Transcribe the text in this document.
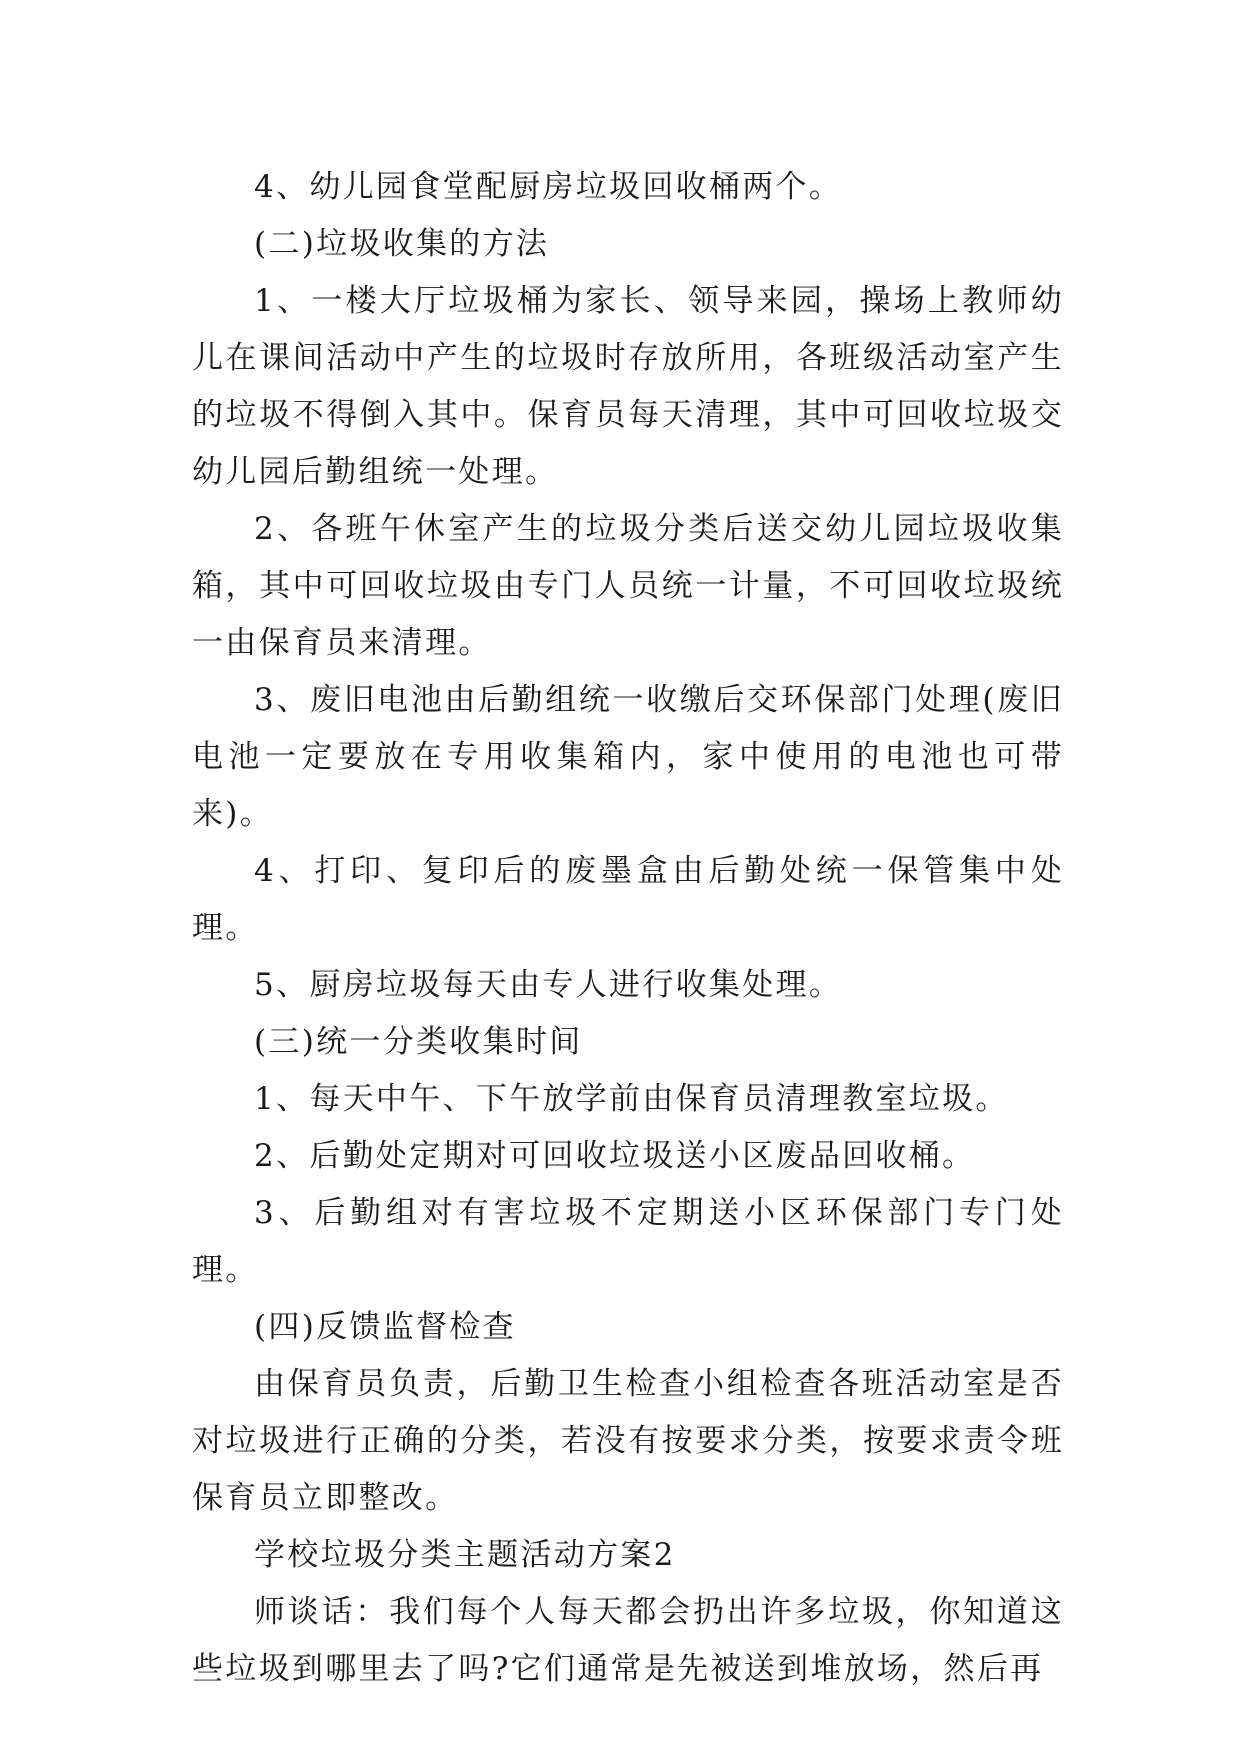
4、幼儿园食堂配厨房垃圾回收桶两个。

(二)垃圾收集的方法

1、一楼大厅垃圾桶为家长、领导来园，操场上教师幼儿在课间活动中产生的垃圾时存放所用，各班级活动室产生的垃圾不得倒入其中。保育员每天清理，其中可回收垃圾交幼儿园后勤组统一处理。

2、各班午休室产生的垃圾分类后送交幼儿园垃圾收集箱，其中可回收垃圾由专门人员统一计量，不可回收垃圾统一由保育员来清理。

3、废旧电池由后勤组统一收缴后交环保部门处理(废旧电池一定要放在专用收集箱内，家中使用的电池也可带来)。

4、打印、复印后的废墨盒由后勤处统一保管集中处理。

5、厨房垃圾每天由专人进行收集处理。

(三)统一分类收集时间

1、每天中午、下午放学前由保育员清理教室垃圾。

2、后勤处定期对可回收垃圾送小区废品回收桶。

3、后勤组对有害垃圾不定期送小区环保部门专门处理。

(四)反馈监督检查

由保育员负责，后勤卫生检查小组检查各班活动室是否对垃圾进行正确的分类，若没有按要求分类，按要求责令班保育员立即整改。

学校垃圾分类主题活动方案2

师谈话：我们每个人每天都会扔出许多垃圾，你知道这些垃圾到哪里去了吗?它们通常是先被送到堆放场，然后再
